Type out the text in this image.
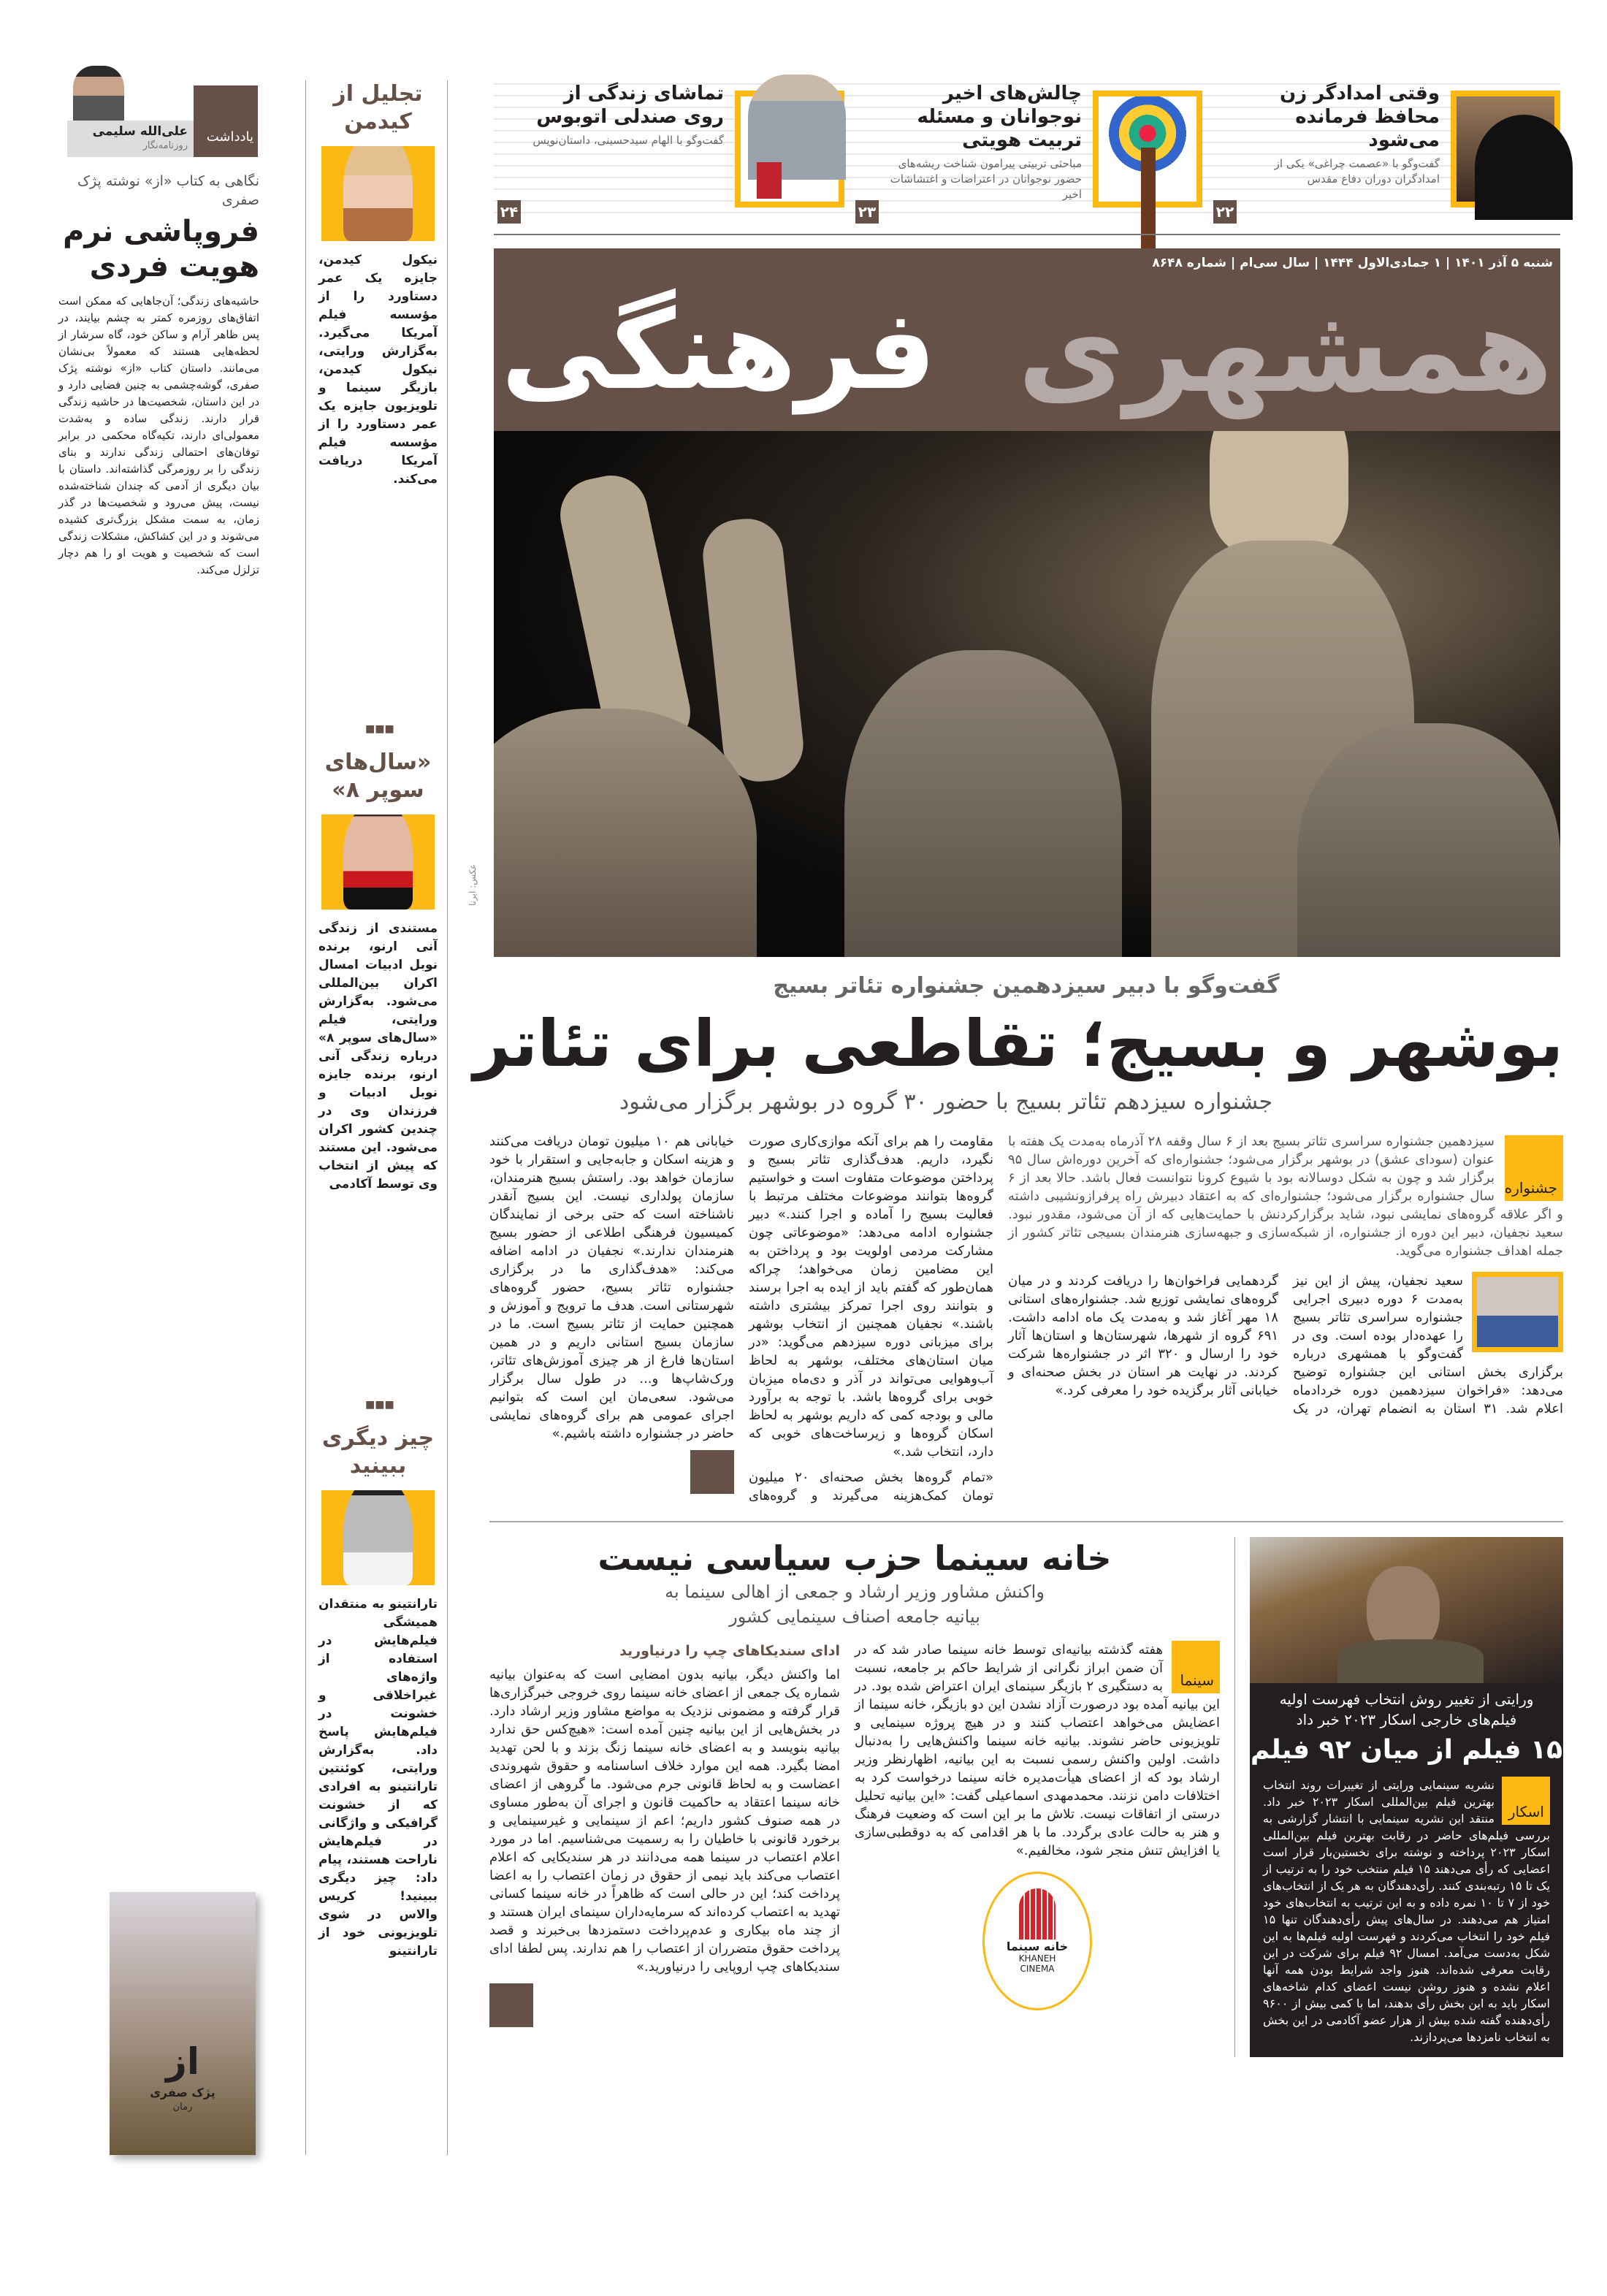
وقتی امدادگر زن محافظ فرمانده می‌شود

گفت‌وگو با «عصمت چراغی» یکی از امدادگران دوران دفاع مقدس

۲۲
چالش‌های اخیر نوجوانان و مسئله تربیت هویتی

مباحثی تربیتی پیرامون شناخت ریشه‌های حضور نوجوانان در اعتراضات و اغتشاشات اخیر

۲۳
تماشای زندگی از روی صندلی اتوبوس

گفت‌وگو با الهام سیدحسینی، داستان‌نویس

۲۴
شنبه ۵ آذر ۱۴۰۱ | ۱ جمادی‌الاول ۱۴۴۴ | سال سی‌ام | شماره ۸۶۴۸
همشهری
فرهنگی
عکس: ایرنا
گفت‌وگو با دبیر سیزدهمین جشنواره تئاتر بسیج
بوشهر و بسیج؛ تقاطعی برای تئاتر
جشنواره سیزدهم تئاتر بسیج با حضور ۳۰ گروه در بوشهر برگزار می‌شود
جشنواره
سیزدهمین جشنواره سراسری تئاتر بسیج بعد از ۶ سال وقفه ۲۸ آذرماه به‌مدت یک هفته با عنوان (سودای عشق) در بوشهر برگزار می‌شود؛ جشنواره‌ای که آخرین دوره‌اش سال ۹۵ برگزار شد و چون به شکل دوسالانه بود با شیوع کرونا نتوانست فعال باشد. حالا بعد از ۶ سال جشنواره برگزار می‌شود؛ جشنواره‌ای که به اعتقاد دبیرش راه پرفرازونشیبی داشته و اگر علاقه گروه‌های نمایشی نبود، شاید برگزارکردنش با حمایت‌هایی که از آن می‌شود، مقدور نبود. سعید نجفیان، دبیر این دوره از جشنواره، از شبکه‌سازی و جبهه‌سازی هنرمندان بسیجی تئاتر کشور از جمله اهداف جشنواره می‌گوید.
سعید نجفیان، پیش از این نیز به‌مدت ۶ دوره دبیری اجرایی جشنواره سراسری تئاتر بسیج را عهده‌دار بوده است. وی در گفت‌وگو با همشهری درباره برگزاری بخش استانی این جشنواره توضیح می‌دهد: «فراخوان سیزدهمین دوره خردادماه اعلام شد. ۳۱ استان به انضمام تهران، در یک گردهمایی فراخوان‌ها را دریافت کردند و در میان گروه‌های نمایشی توزیع شد. جشنواره‌های استانی ۱۸ مهر آغاز شد و به‌مدت یک ماه ادامه داشت. ۶۹۱ گروه از شهرها، شهرستان‌ها و استان‌ها آثار خود را ارسال و ۳۲۰ اثر در جشنواره‌ها شرکت کردند. در نهایت هر استان در بخش صحنه‌ای و خیابانی آثار برگزیده خود را معرفی کرد.»
مقاومت را هم برای آنکه موازی‌کاری صورت نگیرد، داریم. هدف‌گذاری تئاتر بسیج و پرداختن موضوعات متفاوت است و خواستیم گروه‌ها بتوانند موضوعات مختلف مرتبط با فعالیت بسیج را آماده و اجرا کنند.» دبیر جشنواره ادامه می‌دهد: «موضوعاتی چون مشارکت مردمی اولویت بود و پرداختن به این مضامین زمان می‌خواهد؛ چراکه همان‌طور که گفتم باید از ایده به اجرا برسند و بتوانند روی اجرا تمرکز بیشتری داشته باشند.» نجفیان همچنین از انتخاب بوشهر برای میزبانی دوره سیزدهم می‌گوید: «در میان استان‌های مختلف، بوشهر به لحاظ آب‌وهوایی می‌تواند در آذر و دی‌ماه میزبان خوبی برای گروه‌ها باشد. با توجه به برآورد مالی و بودجه کمی که داریم بوشهر به لحاظ اسکان گروه‌ها و زیرساخت‌های خوبی که دارد، انتخاب شد.»
«تمام گروه‌ها بخش صحنه‌ای ۲۰ میلیون تومان کمک‌هزینه می‌گیرند و گروه‌های خیابانی هم ۱۰ میلیون تومان دریافت می‌کنند و هزینه اسکان و جابه‌جایی و استقرار با خود سازمان خواهد بود. راستش بسیج هنرمندان، سازمان پولداری نیست. این بسیج آنقدر ناشناخته است که حتی برخی از نمایندگان کمیسیون فرهنگی اطلاعی از حضور بسیج هنرمندان ندارند.» نجفیان در ادامه اضافه می‌کند: «هدف‌گذاری ما در برگزاری جشنواره تئاتر بسیج، حضور گروه‌های شهرستانی است. هدف ما ترویج و آموزش و همچنین حمایت از تئاتر بسیج است. ما در سازمان بسیج استانی داریم و در همین استان‌ها فارغ از هر چیزی آموزش‌های تئاتر، ورک‌شاپ‌ها و... در طول سال برگزار می‌شود. سعی‌مان این است که بتوانیم اجرای عمومی هم برای گروه‌های نمایشی حاضر در جشنواره داشته باشیم.»
ورایتی از تغییر روش انتخاب فهرست اولیه فیلم‌های خارجی اسکار ۲۰۲۳ خبر داد
۱۵ فیلم از میان ۹۲ فیلم
اسکار
نشریه سینمایی ورایتی از تغییرات روند انتخاب بهترین فیلم بین‌المللی اسکار ۲۰۲۳ خبر داد. منتقد این نشریه سینمایی با انتشار گزارشی به بررسی فیلم‌های حاضر در رقابت بهترین فیلم بین‌المللی اسکار ۲۰۲۳ پرداخته و نوشته برای نخستین‌بار قرار است اعضایی که رأی می‌دهند ۱۵ فیلم منتخب خود را به ترتیب از یک تا ۱۵ رتبه‌بندی کنند. رأی‌دهندگان به هر یک از انتخاب‌های خود از ۷ تا ۱۰ نمره داده و به این ترتیب به انتخاب‌های خود امتیاز هم می‌دهند. در سال‌های پیش رأی‌دهندگان تنها ۱۵ فیلم خود را انتخاب می‌کردند و فهرست اولیه فیلم‌ها به این شکل به‌دست می‌آمد. امسال ۹۲ فیلم برای شرکت در این رقابت معرفی شده‌اند. هنوز واجد شرایط بودن همه آنها اعلام نشده و هنوز روشن نیست اعضای کدام شاخه‌های اسکار باید به این بخش رأی بدهند، اما با کمی بیش از ۹۶۰۰ رأی‌دهنده گفته شده بیش از هزار عضو آکادمی در این بخش به انتخاب نامزدها می‌پردازند.
خانه سینما حزب سیاسی نیست
واکنش مشاور وزیر ارشاد و جمعی از اهالی سینما به بیانیه جامعه اصناف سینمایی کشور
سینما
هفته گذشته بیانیه‌ای توسط خانه سینما صادر شد که در آن ضمن ابراز نگرانی از شرایط حاکم بر جامعه، نسبت به دستگیری ۲ بازیگر سینمای ایران اعتراض شده بود. در این بیانیه آمده بود درصورت آزاد نشدن این دو بازیگر، خانه سینما از اعضایش می‌خواهد اعتصاب کنند و در هیچ پروژه سینمایی و تلویزیونی حاضر نشوند. بیانیه خانه سینما واکنش‌هایی را به‌دنبال داشت. اولین واکنش رسمی نسبت به این بیانیه، اظهارنظر وزیر ارشاد بود که از اعضای هیأت‌مدیره خانه سینما درخواست کرد به اختلافات دامن نزنند. محمدمهدی اسماعیلی گفت: «این بیانیه تحلیل درستی از اتفاقات نیست. تلاش ما بر این است که وضعیت فرهنگ و هنر به حالت عادی برگردد. ما با هر اقدامی که به دوقطبی‌سازی یا افزایش تنش منجر شود، مخالفیم.»
خانه سینما
KHANEH CINEMA
ادای سندیکاهای چپ را درنیاورید
اما واکنش دیگر، بیانیه بدون امضایی است که به‌عنوان بیانیه شماره یک جمعی از اعضای خانه سینما روی خروجی خبرگزاری‌ها قرار گرفته و مضمونی نزدیک به مواضع مشاور وزیر ارشاد دارد. در بخش‌هایی از این بیانیه چنین آمده است: «هیچ‌کس حق ندارد بیانیه بنویسد و به اعضای خانه سینما زنگ بزند و با لحن تهدید امضا بگیرد. همه این موارد خلاف اساسنامه و حقوق شهروندی اعضاست و به لحاظ قانونی جرم می‌شود. ما گروهی از اعضای خانه سینما اعتقاد به حاکمیت قانون و اجرای آن به‌طور مساوی در همه صنوف کشور داریم؛ اعم از سینمایی و غیرسینمایی و برخورد قانونی با خاطیان را به رسمیت می‌شناسیم. اما در مورد اعلام اعتصاب در سینما همه می‌دانند در هر سندیکایی که اعلام اعتصاب می‌کند باید نیمی از حقوق در زمان اعتصاب را به اعضا پرداخت کند؛ این در حالی است که ظاهراً در خانه سینما کسانی تهدید به اعتصاب کرده‌اند که سرمایه‌داران سینمای ایران هستند و از چند ماه بیکاری و عدم‌پرداخت دستمزدها بی‌خبرند و قصد پرداخت حقوق متضرران از اعتصاب را هم ندارند. پس لطفا ادای سندیکاهای چپ اروپایی را درنیاورید.»
علی‌الله سلیمی
روزنامه‌نگار
یادداشت
نگاهی به کتاب «از» نوشته پژک صفری
فروپاشی نرم هویت فردی
حاشیه‌های زندگی؛ آن‌جاهایی که ممکن است اتفاق‌های روزمره کمتر به چشم بیایند، در پس ظاهر آرام و ساکن خود، گاه سرشار از لحظه‌هایی هستند که معمولاً بی‌نشان می‌مانند. داستان کتاب «از» نوشته پژک صفری، گوشه‌چشمی به چنین فضایی دارد و در این داستان، شخصیت‌ها در حاشیه زندگی قرار دارند. زندگی ساده و به‌شدت معمولی‌ای دارند، تکیه‌گاه محکمی در برابر توفان‌های احتمالی زندگی ندارند و بنای زندگی را بر روزمرگی گذاشته‌اند. داستان با بیان دیگری از آدمی که چندان شناخته‌شده نیست، پیش می‌رود و شخصیت‌ها در گذر زمان، به سمت مشکل بزرگ‌تری کشیده می‌شوند و در این کشاکش، مشکلات زندگی است که شخصیت و هویت او را هم دچار تزلزل می‌کند.
از
پژک صفری
رمان
تجلیل از کیدمن
نیکول کیدمن، جایزه یک عمر دستاورد را از مؤسسه فیلم آمریکا می‌گیرد. به‌گزارش ورایتی، نیکول کیدمن، بازیگر سینما و تلویزیون جایزه یک عمر دستاورد را از مؤسسه فیلم آمریکا دریافت می‌کند.
■■■
«سال‌های سوپر ۸»
مستندی از زندگی آنی ارنو، برنده نوبل ادبیات امسال اکران بین‌المللی می‌شود. به‌گزارش ورایتی، فیلم «سال‌های سوپر ۸» درباره زندگی آنی ارنو، برنده جایزه نوبل ادبیات و فرزندان وی در چندین کشور اکران می‌شود. این مستند که پیش از انتخاب وی توسط آکادمی
■■■
چیز دیگری ببینید
تارانتینو به منتقدان همیشگی فیلم‌هایش در استفاده از واژه‌های غیراخلاقی و خشونت در فیلم‌هایش پاسخ داد. به‌گزارش ورایتی، کوئنتین تارانتینو به افرادی که از خشونت گرافیکی و واژگانی در فیلم‌هایش ناراحت هستند، پیام داد: چیز دیگری ببینید! کریس والاس در شوی تلویزیونی خود از تارانتینو
